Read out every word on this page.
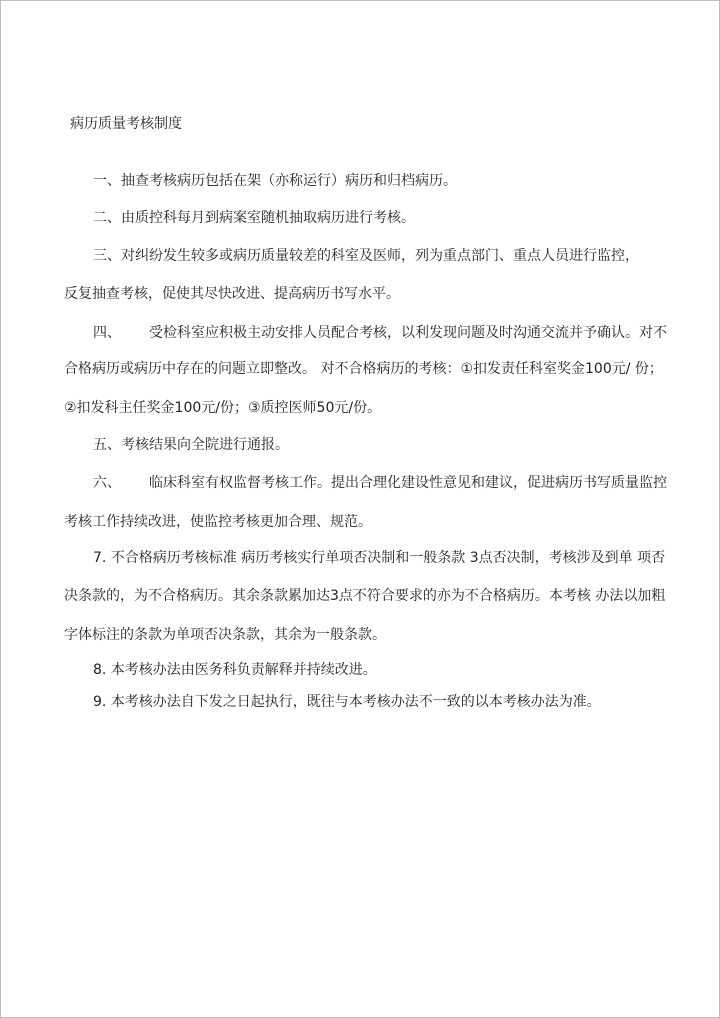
病历质量考核制度
一、抽查考核病历包括在架（亦称运行）病历和归档病历。
二、由质控科每月到病案室随机抽取病历进行考核。
三、对纠纷发生较多或病历质量较差的科室及医师，列为重点部门、重点人员进行监控，
反复抽查考核，促使其尽快改进、提高病历书写水平。
四、 受检科室应积极主动安排人员配合考核，以利发现问题及时沟通交流并予确认。对不
合格病历或病历中存在的问题立即整改。 对不合格病历的考核：①扣发责任科室奖金100元/ 份；
②扣发科主任奖金100元/份；③质控医师50元/份。
五、考核结果向全院进行通报。
六、 临床科室有权监督考核工作。提出合理化建设性意见和建议，促进病历书写质量监控
考核工作持续改进，使监控考核更加合理、规范。
7. 不合格病历考核标准 病历考核实行单项否决制和一般条款 3点否决制，考核涉及到单 项否
决条款的，为不合格病历。其余条款累加达3点不符合要求的亦为不合格病历。本考核 办法以加粗
字体标注的条款为单项否决条款，其余为一般条款。
8. 本考核办法由医务科负责解释并持续改进。
9. 本考核办法自下发之日起执行，既往与本考核办法不一致的以本考核办法为准。
